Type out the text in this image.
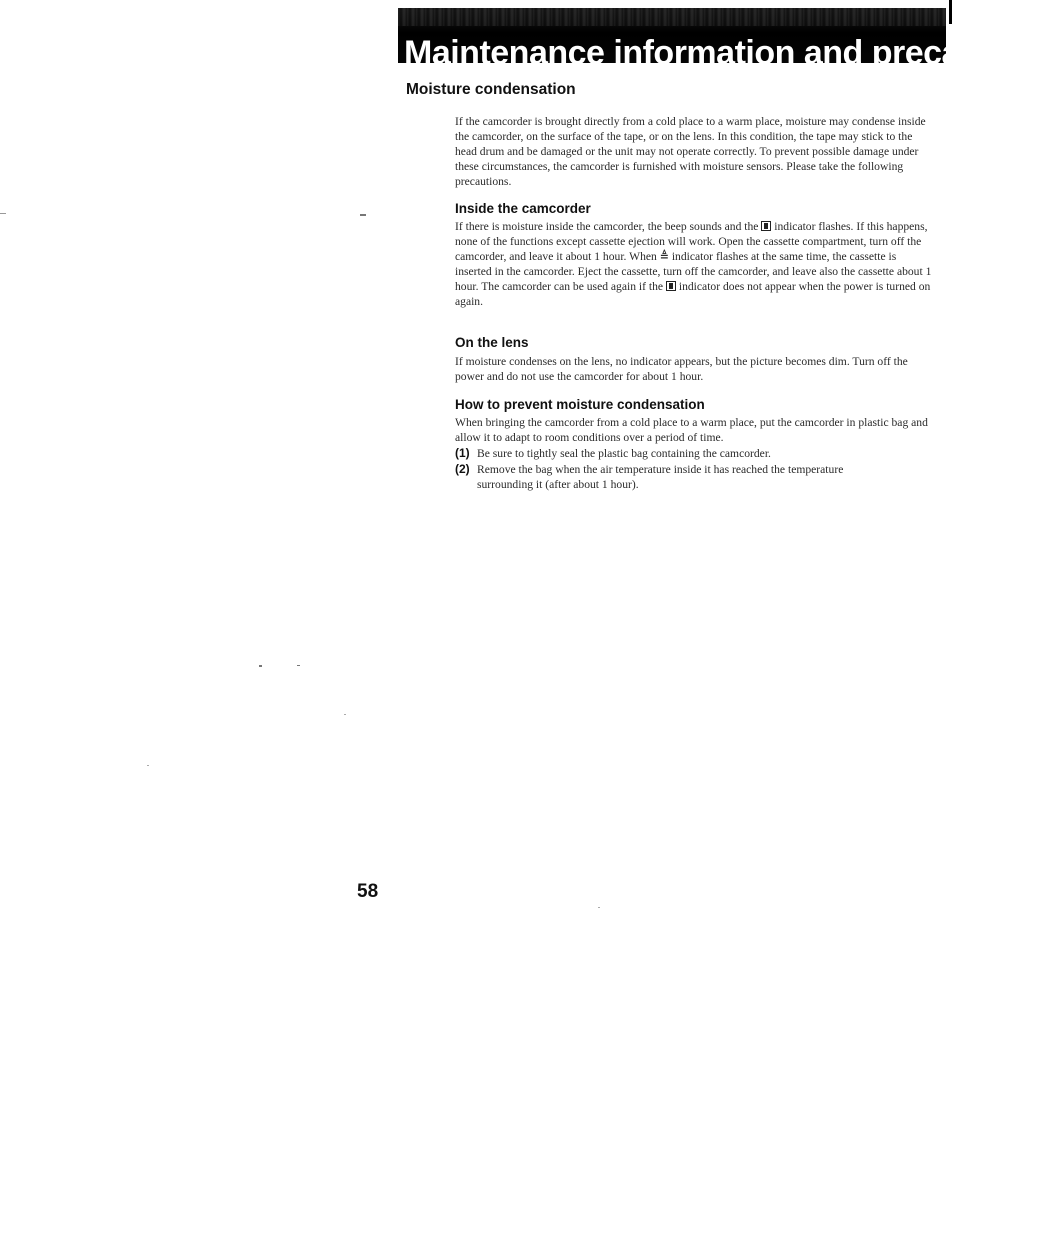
Maintenance information and precautions
Moisture condensation

If the camcorder is brought directly from a cold place to a warm place, moisture may condense inside the camcorder, on the surface of the tape, or on the lens. In this condition, the tape may stick to the head drum and be damaged or the unit may not operate correctly. To prevent possible damage under these circumstances, the camcorder is furnished with moisture sensors. Please take the following precautions.

Inside the camcorder

If there is moisture inside the camcorder, the beep sounds and the  indicator flashes. If this happens, none of the functions except cassette ejection will work. Open the cassette compartment, turn off the camcorder, and leave it about 1 hour. When ≜ indicator flashes at the same time, the cassette is inserted in the camcorder. Eject the cassette, turn off the camcorder, and leave also the cassette about 1 hour. The camcorder can be used again if the  indicator does not appear when the power is turned on again.

On the lens

If moisture condenses on the lens, no indicator appears, but the picture becomes dim. Turn off the power and do not use the camcorder for about 1 hour.

How to prevent moisture condensation

When bringing the camcorder from a cold place to a warm place, put the camcorder in plastic bag and allow it to adapt to room conditions over a period of time.

(1) Be sure to tightly seal the plastic bag containing the camcorder.
(2) Remove the bag when the air temperature inside it has reached the temperature surrounding it (after about 1 hour).
58
